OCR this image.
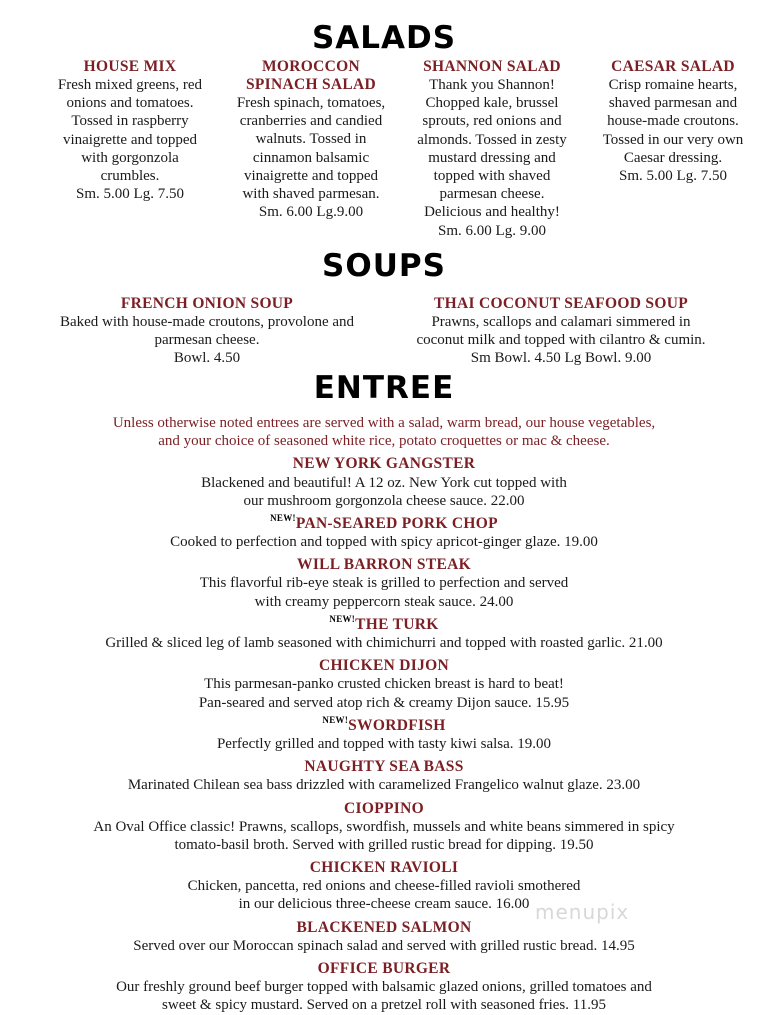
SALADS
HOUSE MIX
Fresh mixed greens, red
onions and tomatoes.
Tossed in raspberry
vinaigrette and topped
with gorgonzola
crumbles.
Sm. 5.00 Lg. 7.50
MOROCCON
SPINACH SALAD
Fresh spinach, tomatoes,
cranberries and candied
walnuts. Tossed in
cinnamon balsamic
vinaigrette and topped
with shaved parmesan.
Sm. 6.00 Lg.9.00
SHANNON SALAD
Thank you Shannon!
Chopped kale, brussel
sprouts, red onions and
almonds. Tossed in zesty
mustard dressing and
topped with shaved
parmesan cheese.
Delicious and healthy!
Sm. 6.00 Lg. 9.00
CAESAR SALAD
Crisp romaine hearts,
shaved parmesan and
house-made croutons.
Tossed in our very own
Caesar dressing.
Sm. 5.00 Lg. 7.50
SOUPS
FRENCH ONION SOUP
Baked with house-made croutons, provolone and
parmesan cheese.
Bowl. 4.50
THAI COCONUT SEAFOOD SOUP
Prawns, scallops and calamari simmered in
coconut milk and topped with cilantro & cumin.
Sm Bowl. 4.50 Lg Bowl. 9.00
ENTREE
Unless otherwise noted entrees are served with a salad, warm bread, our house vegetables,
and your choice of seasoned white rice, potato croquettes or mac & cheese.
NEW YORK GANGSTER
Blackened and beautiful! A 12 oz. New York cut topped with
our mushroom gorgonzola cheese sauce. 22.00
$^{NEW!}$PAN-SEARED PORK CHOP
Cooked to perfection and topped with spicy apricot-ginger glaze. 19.00
WILL BARRON STEAK
This flavorful rib-eye steak is grilled to perfection and served
with creamy peppercorn steak sauce. 24.00
$^{NEW!}$THE TURK
Grilled & sliced leg of lamb seasoned with chimichurri and topped with roasted garlic. 21.00
CHICKEN DIJON
This parmesan-panko crusted chicken breast is hard to beat!
Pan-seared and served atop rich & creamy Dijon sauce. 15.95
$^{NEW!}$SWORDFISH
Perfectly grilled and topped with tasty kiwi salsa. 19.00
NAUGHTY SEA BASS
Marinated Chilean sea bass drizzled with caramelized Frangelico walnut glaze. 23.00
CIOPPINO
An Oval Office classic! Prawns, scallops, swordfish, mussels and white beans simmered in spicy
tomato-basil broth. Served with grilled rustic bread for dipping. 19.50
CHICKEN RAVIOLI
Chicken, pancetta, red onions and cheese-filled ravioli smothered
in our delicious three-cheese cream sauce. 16.00
BLACKENED SALMON
Served over our Moroccan spinach salad and served with grilled rustic bread. 14.95
OFFICE BURGER
Our freshly ground beef burger topped with balsamic glazed onions, grilled tomatoes and
sweet & spicy mustard. Served on a pretzel roll with seasoned fries. 11.95
menupix
